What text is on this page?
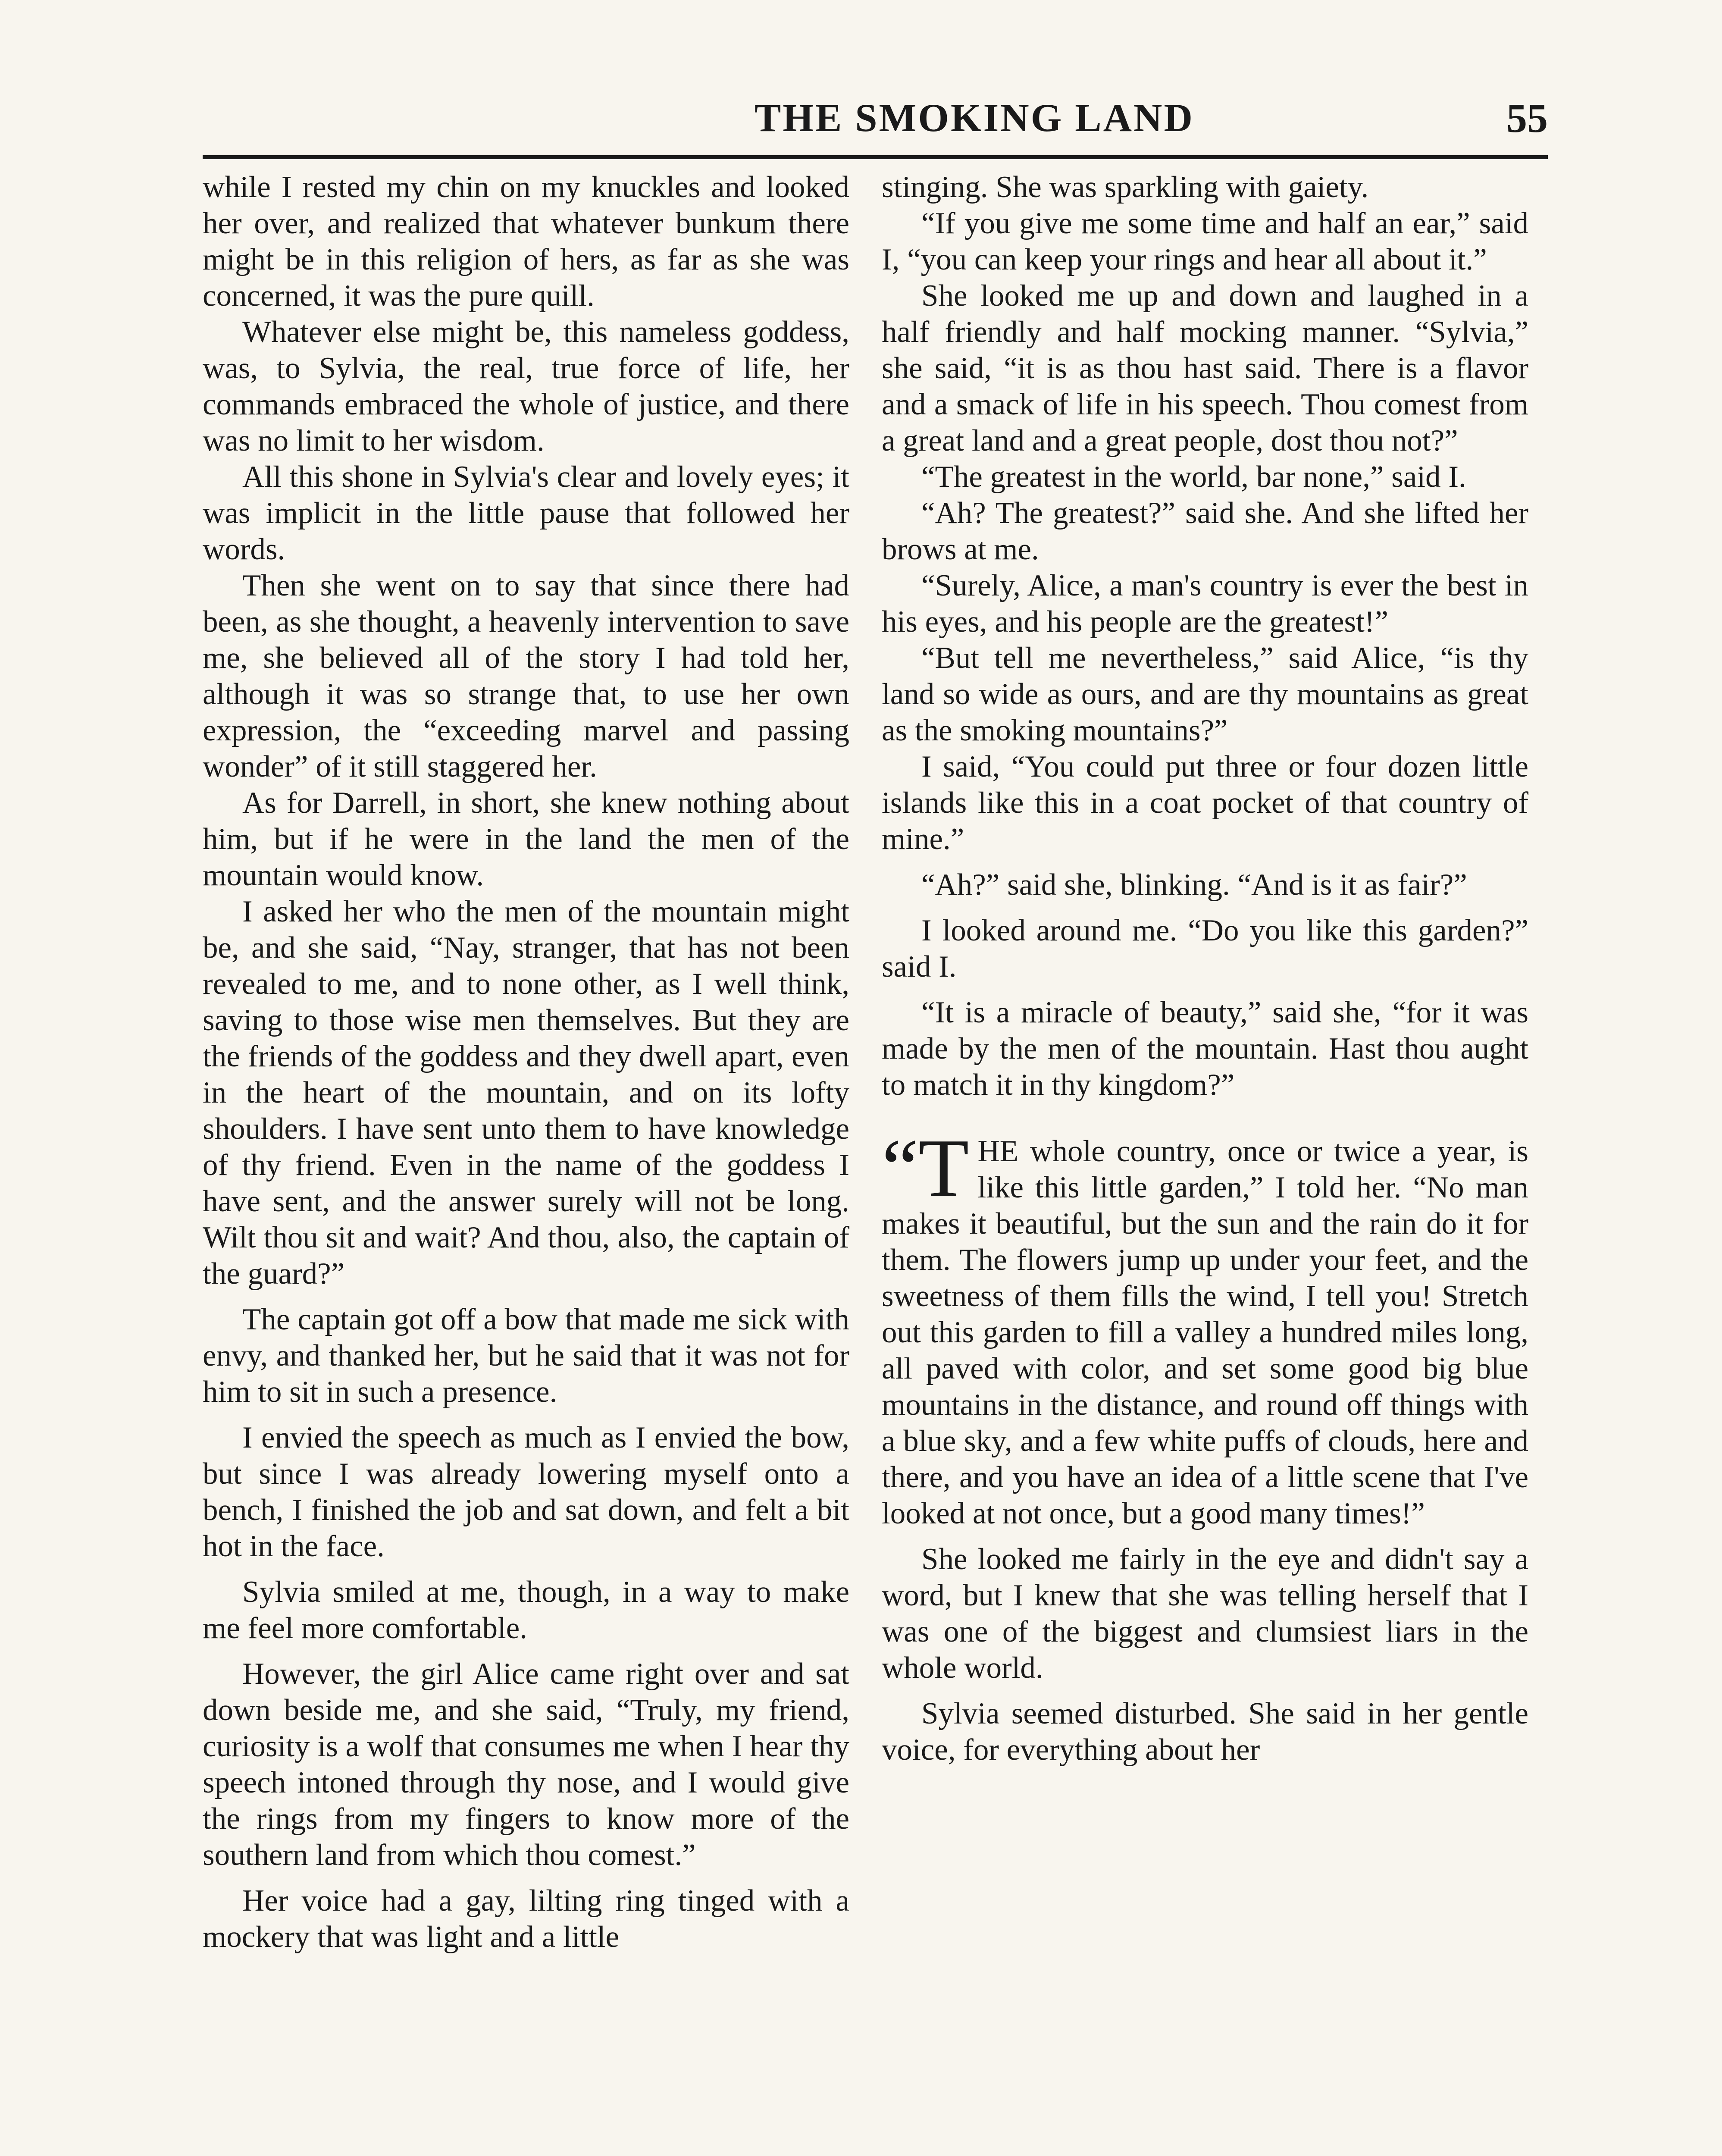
THE SMOKING LAND	55

while I rested my chin on my knuckles and looked her over, and realized that whatever bunkum there might be in this religion of hers, as far as she was concerned, it was the pure quill.

Whatever else might be, this nameless goddess, was, to Sylvia, the real, true force of life, her commands embraced the whole of justice, and there was no limit to her wisdom.

All this shone in Sylvia's clear and lovely eyes; it was implicit in the little pause that followed her words.

Then she went on to say that since there had been, as she thought, a heavenly intervention to save me, she believed all of the story I had told her, although it was so strange that, to use her own expression, the “exceeding marvel and passing wonder” of it still staggered her.

As for Darrell, in short, she knew nothing about him, but if he were in the land the men of the mountain would know.

I asked her who the men of the mountain might be, and she said, “Nay, stranger, that has not been revealed to me, and to none other, as I well think, saving to those wise men themselves. But they are the friends of the goddess and they dwell apart, even in the heart of the mountain, and on its lofty shoulders. I have sent unto them to have knowledge of thy friend. Even in the name of the goddess I have sent, and the answer surely will not be long. Wilt thou sit and wait? And thou, also, the captain of the guard?”

The captain got off a bow that made me sick with envy, and thanked her, but he said that it was not for him to sit in such a presence.

I envied the speech as much as I envied the bow, but since I was already lowering myself onto a bench, I finished the job and sat down, and felt a bit hot in the face.

Sylvia smiled at me, though, in a way to make me feel more comfortable.

However, the girl Alice came right over and sat down beside me, and she said, “Truly, my friend, curiosity is a wolf that consumes me when I hear thy speech intoned through thy nose, and I would give the rings from my fingers to know more of the southern land from which thou comest.”

Her voice had a gay, lilting ring tinged with a mockery that was light and a little

stinging. She was sparkling with gaiety.

“If you give me some time and half an ear,” said I, “you can keep your rings and hear all about it.”

She looked me up and down and laughed in a half friendly and half mocking manner. “Sylvia,” she said, “it is as thou hast said. There is a flavor and a smack of life in his speech. Thou comest from a great land and a great people, dost thou not?”

“The greatest in the world, bar none,” said I.

“Ah? The greatest?” said she. And she lifted her brows at me.

“Surely, Alice, a man's country is ever the best in his eyes, and his people are the greatest!”

“But tell me nevertheless,” said Alice, “is thy land so wide as ours, and are thy mountains as great as the smoking mountains?”

I said, “You could put three or four dozen little islands like this in a coat pocket of that country of mine.”

“Ah?” said she, blinking. “And is it as fair?”

I looked around me. “Do you like this garden?” said I.

“It is a miracle of beauty,” said she, “for it was made by the men of the mountain. Hast thou aught to match it in thy kingdom?”

“THE whole country, once or twice a year, is like this little garden,” I told her. “No man makes it beautiful, but the sun and the rain do it for them. The flowers jump up under your feet, and the sweetness of them fills the wind, I tell you! Stretch out this garden to fill a valley a hundred miles long, all paved with color, and set some good big blue mountains in the distance, and round off things with a blue sky, and a few white puffs of clouds, here and there, and you have an idea of a little scene that I've looked at not once, but a good many times!”

She looked me fairly in the eye and didn't say a word, but I knew that she was telling herself that I was one of the biggest and clumsiest liars in the whole world.

Sylvia seemed disturbed. She said in her gentle voice, for everything about her
